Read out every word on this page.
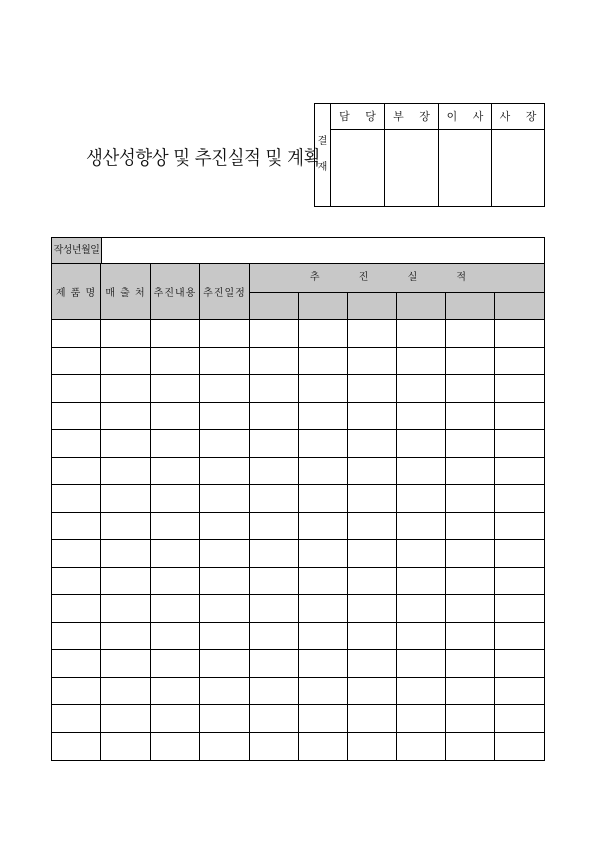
생산성향상 및 추진실적 및 계획
결
재
담 당	부 장 이 사 사 장
작성년월일
제 품 명 매 출 처 추진내용 추진일정
추 진 실 적
